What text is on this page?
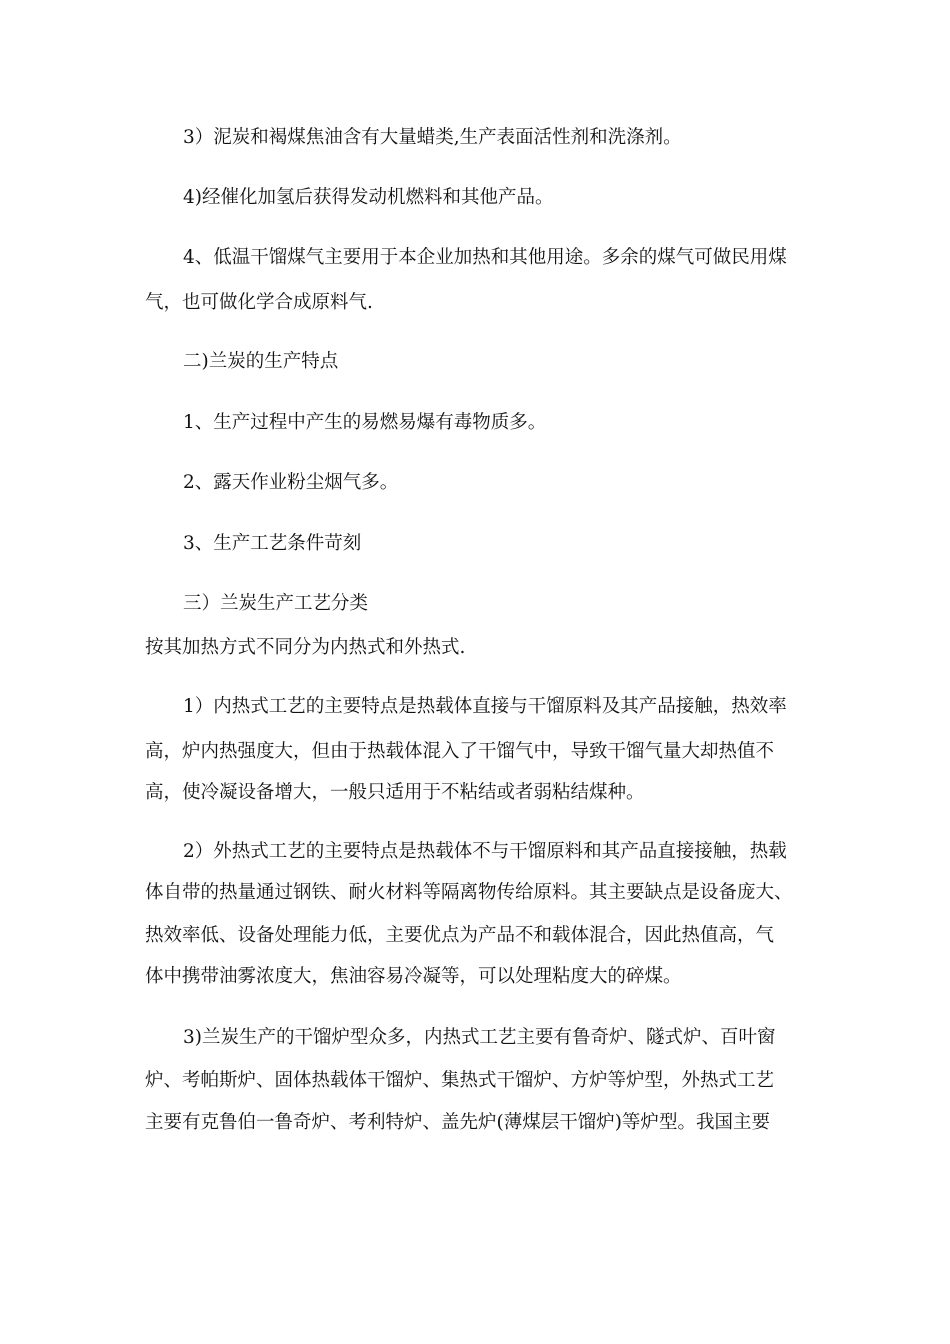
3）泥炭和褐煤焦油含有大量蜡类,生产表面活性剂和洗涤剂。
4)经催化加氢后获得发动机燃料和其他产品。
4、低温干馏煤气主要用于本企业加热和其他用途。多余的煤气可做民用煤
气，也可做化学合成原料气.
二)兰炭的生产特点
1、生产过程中产生的易燃易爆有毒物质多。
2、露天作业粉尘烟气多。
3、生产工艺条件苛刻
三）兰炭生产工艺分类
按其加热方式不同分为内热式和外热式.
1）内热式工艺的主要特点是热载体直接与干馏原料及其产品接触，热效率
高，炉内热强度大，但由于热载体混入了干馏气中，导致干馏气量大却热值不
高，使冷凝设备增大，一般只适用于不粘结或者弱粘结煤种。
2）外热式工艺的主要特点是热载体不与干馏原料和其产品直接接触，热载
体自带的热量通过钢铁、耐火材料等隔离物传给原料。其主要缺点是设备庞大、
热效率低、设备处理能力低，主要优点为产品不和载体混合，因此热值高，气
体中携带油雾浓度大，焦油容易冷凝等，可以处理粘度大的碎煤。
3)兰炭生产的干馏炉型众多，内热式工艺主要有鲁奇炉、隧式炉、百叶窗
炉、考帕斯炉、固体热载体干馏炉、集热式干馏炉、方炉等炉型，外热式工艺
主要有克鲁伯一鲁奇炉、考利特炉、盖先炉(薄煤层干馏炉)等炉型。我国主要
